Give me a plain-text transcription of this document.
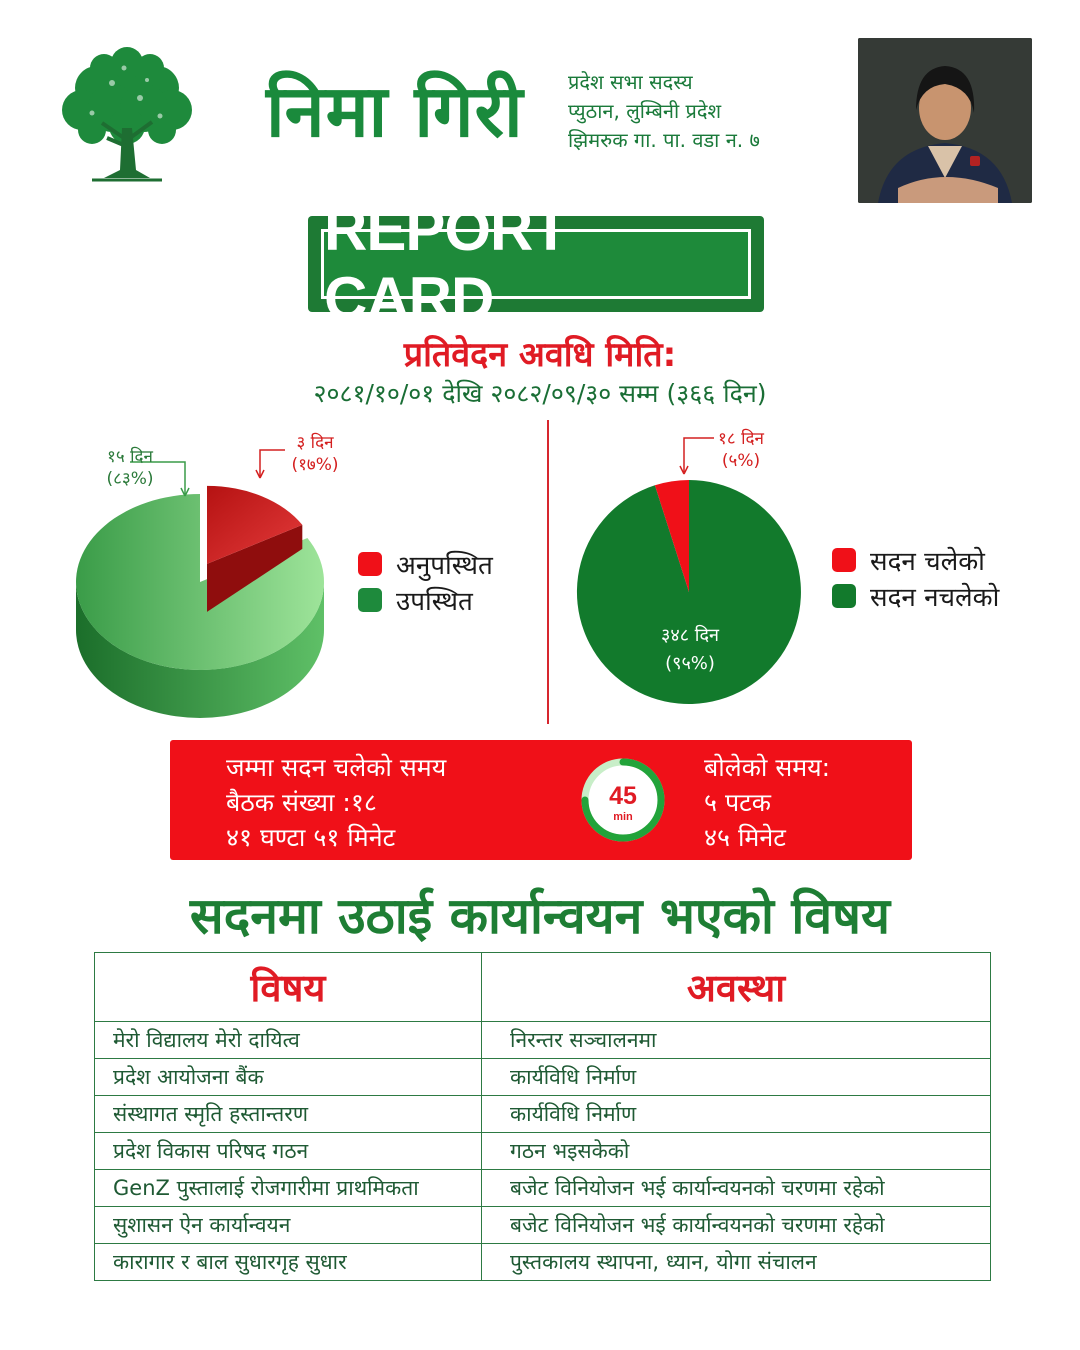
निमा गिरी प्रदेश सभा सदस्य
प्युठान, लुम्बिनी प्रदेश
झिमरुक गा. पा. वडा न. ७
REPORT CARD
प्रतिवेदन अवधि मिति:
२०८१/१०/०१ देखि २०८२/०९/३० सम्म (३६६ दिन)
१५ दिन
(८३%)
३ दिन
(१७%)
अनुपस्थित
उपस्थित
१८ दिन
(५%)
३४८ दिन
(९५%)
सदन चलेको
सदन नचलेको
जम्मा सदन चलेको समय
बैठक संख्या :१८
४१ घण्टा ५१ मिनेट
45
min
बोलेको समय:
५ पटक
४५ मिनेट
सदनमा उठाई कार्यान्वयन भएको विषय
विषय	अवस्था
मेरो विद्यालय मेरो दायित्व	निरन्तर सञ्चालनमा
प्रदेश आयोजना बैंक	कार्यविधि निर्माण
संस्थागत स्मृति हस्तान्तरण	कार्यविधि निर्माण
प्रदेश विकास परिषद गठन	गठन भइसकेको
GenZ पुस्तालाई रोजगारीमा प्राथमिकता	बजेट विनियोजन भई कार्यान्वयनको चरणमा रहेको
सुशासन ऐन कार्यान्वयन	बजेट विनियोजन भई कार्यान्वयनको चरणमा रहेको
कारागार र बाल सुधारगृह सुधार	पुस्तकालय स्थापना, ध्यान, योगा संचालन
